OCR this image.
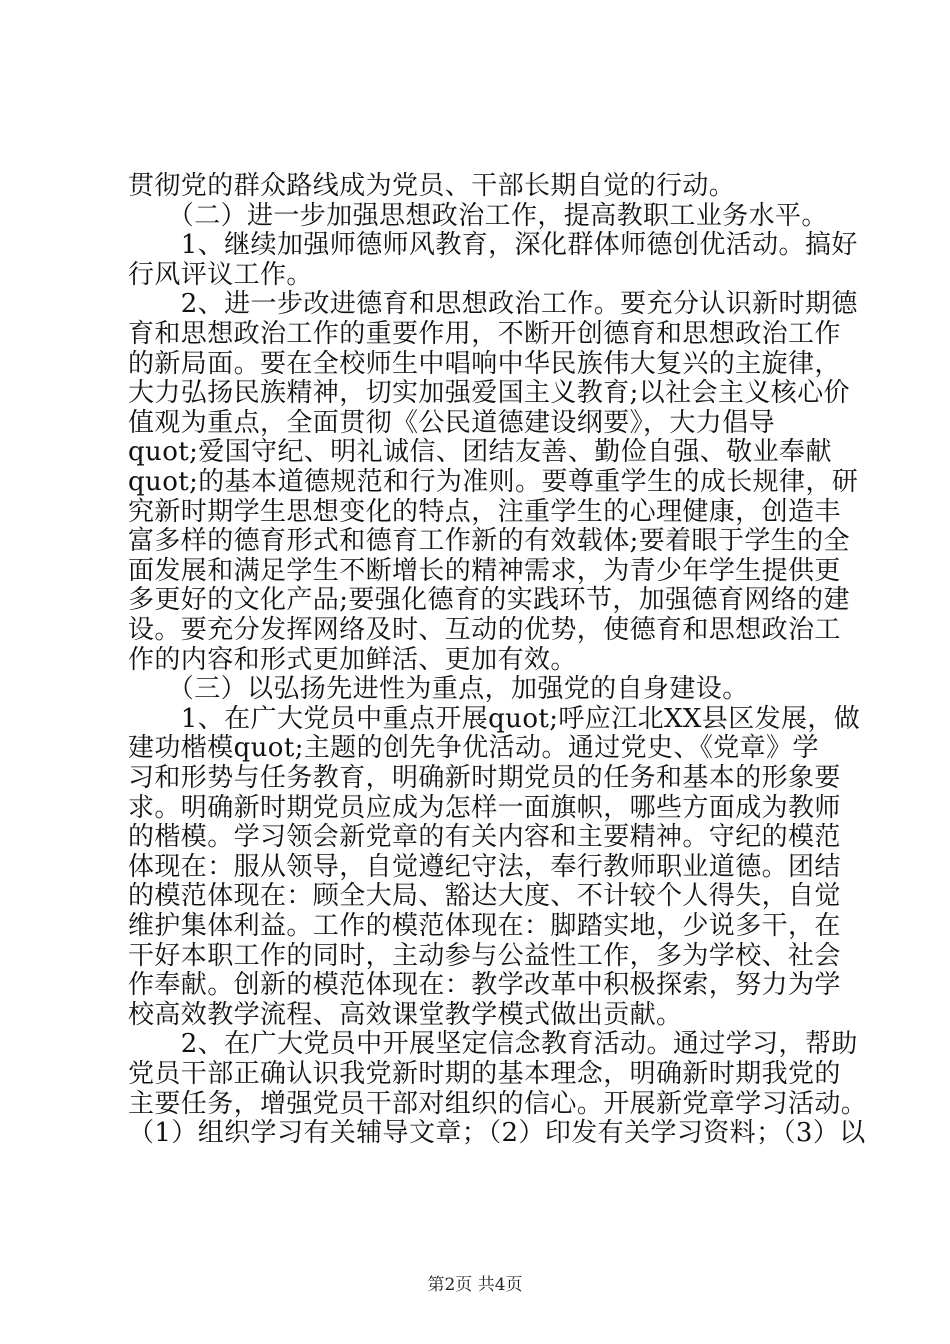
贯彻党的群众路线成为党员、干部长期自觉的行动。
　　（二）进一步加强思想政治工作，提高教职工业务水平。
　　1、继续加强师德师风教育，深化群体师德创优活动。搞好
行风评议工作。
　　2、进一步改进德育和思想政治工作。要充分认识新时期德
育和思想政治工作的重要作用，不断开创德育和思想政治工作
的新局面。要在全校师生中唱响中华民族伟大复兴的主旋律，
大力弘扬民族精神，切实加强爱国主义教育;以社会主义核心价
值观为重点，全面贯彻《公民道德建设纲要》，大力倡导
quot;爱国守纪、明礼诚信、团结友善、勤俭自强、敬业奉献
quot;的基本道德规范和行为准则。要尊重学生的成长规律，研
究新时期学生思想变化的特点，注重学生的心理健康，创造丰
富多样的德育形式和德育工作新的有效载体;要着眼于学生的全
面发展和满足学生不断增长的精神需求，为青少年学生提供更
多更好的文化产品;要强化德育的实践环节，加强德育网络的建
设。要充分发挥网络及时、互动的优势，使德育和思想政治工
作的内容和形式更加鲜活、更加有效。
　　（三）以弘扬先进性为重点，加强党的自身建设。
　　1、在广大党员中重点开展quot;呼应江北XX县区发展，做
建功楷模quot;主题的创先争优活动。通过党史、《党章》学
习和形势与任务教育，明确新时期党员的任务和基本的形象要
求。明确新时期党员应成为怎样一面旗帜，哪些方面成为教师
的楷模。学习领会新党章的有关内容和主要精神。守纪的模范
体现在：服从领导，自觉遵纪守法，奉行教师职业道德。团结
的模范体现在：顾全大局、豁达大度、不计较个人得失，自觉
维护集体利益。工作的模范体现在：脚踏实地，少说多干，在
干好本职工作的同时，主动参与公益性工作，多为学校、社会
作奉献。创新的模范体现在：教学改革中积极探索，努力为学
校高效教学流程、高效课堂教学模式做出贡献。
　　2、在广大党员中开展坚定信念教育活动。通过学习，帮助
党员干部正确认识我党新时期的基本理念，明确新时期我党的
主要任务，增强党员干部对组织的信心。开展新党章学习活动。
（1）组织学习有关辅导文章；（2）印发有关学习资料；（3）以
第2页 共4页
